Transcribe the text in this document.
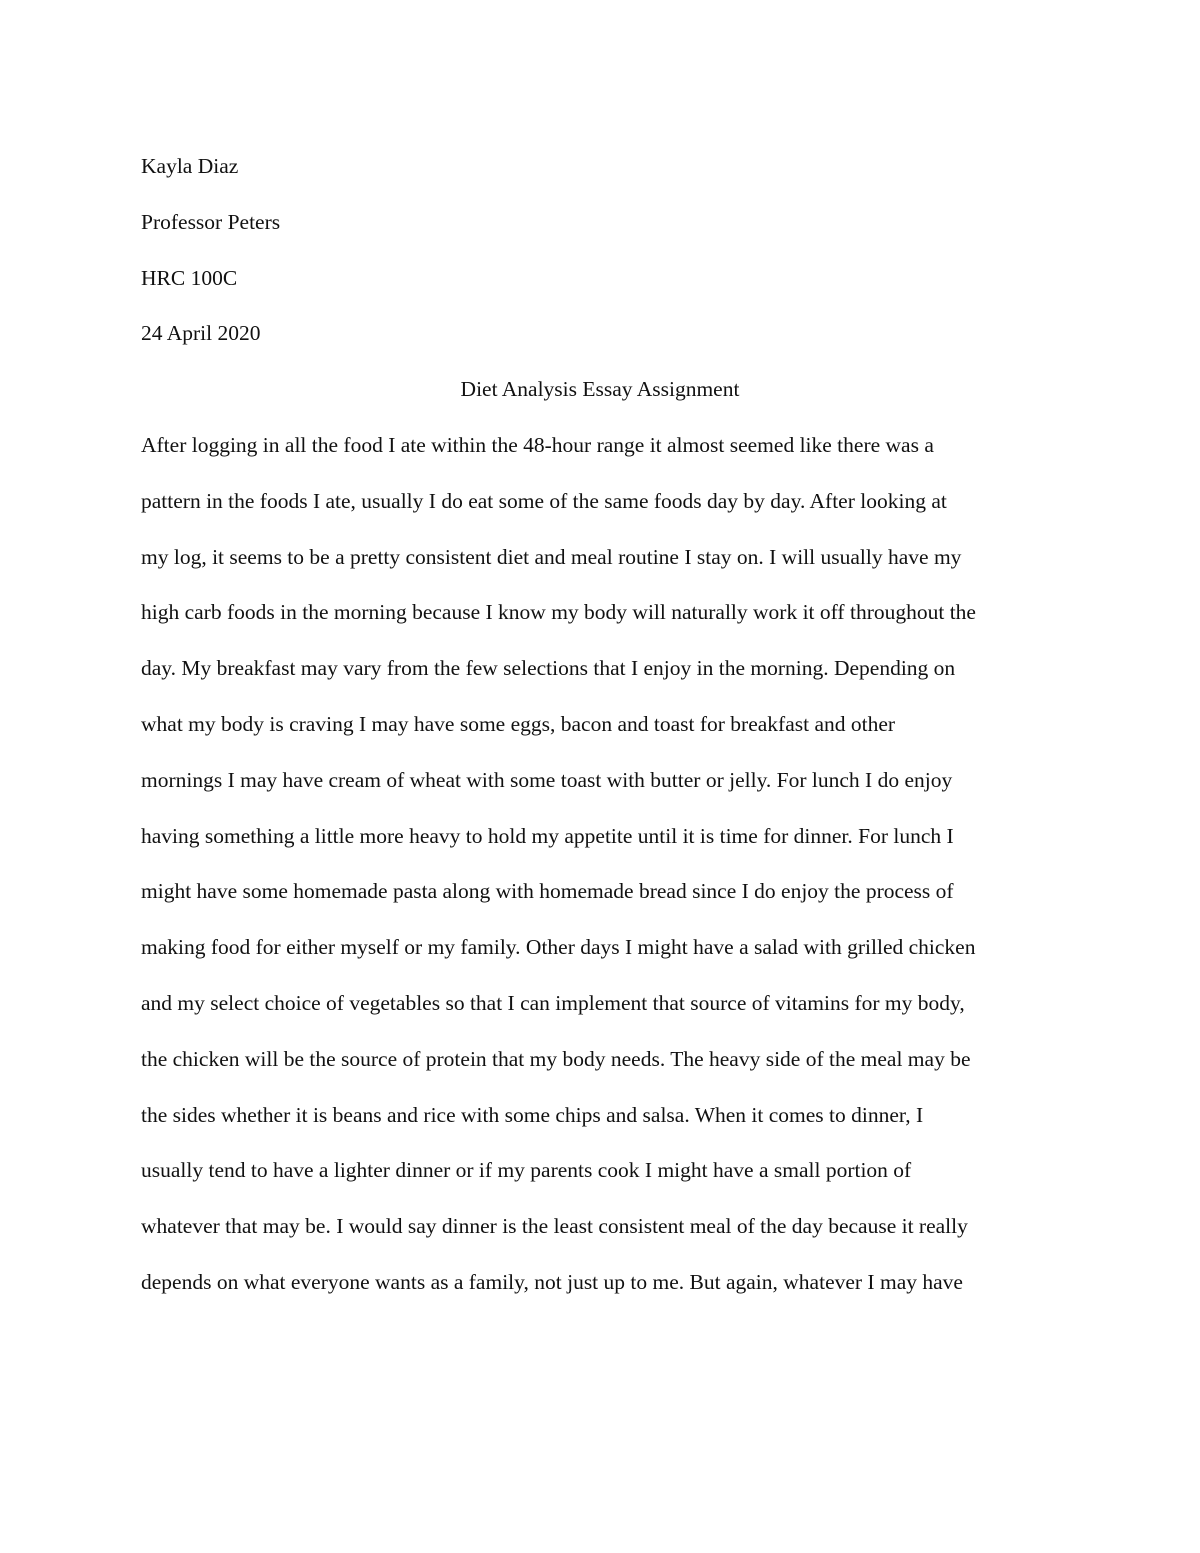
Kayla Diaz
Professor Peters
HRC 100C
24 April 2020
Diet Analysis Essay Assignment
After logging in all the food I ate within the 48-hour range it almost seemed like there was a
pattern in the foods I ate, usually I do eat some of the same foods day by day. After looking at
my log, it seems to be a pretty consistent diet and meal routine I stay on. I will usually have my
high carb foods in the morning because I know my body will naturally work it off throughout the
day. My breakfast may vary from the few selections that I enjoy in the morning. Depending on
what my body is craving I may have some eggs, bacon and toast for breakfast and other
mornings I may have cream of wheat with some toast with butter or jelly. For lunch I do enjoy
having something a little more heavy to hold my appetite until it is time for dinner. For lunch I
might have some homemade pasta along with homemade bread since I do enjoy the process of
making food for either myself or my family. Other days I might have a salad with grilled chicken
and my select choice of vegetables so that I can implement that source of vitamins for my body,
the chicken will be the source of protein that my body needs. The heavy side of the meal may be
the sides whether it is beans and rice with some chips and salsa. When it comes to dinner, I
usually tend to have a lighter dinner or if my parents cook I might have a small portion of
whatever that may be. I would say dinner is the least consistent meal of the day because it really
depends on what everyone wants as a family, not just up to me. But again, whatever I may have
